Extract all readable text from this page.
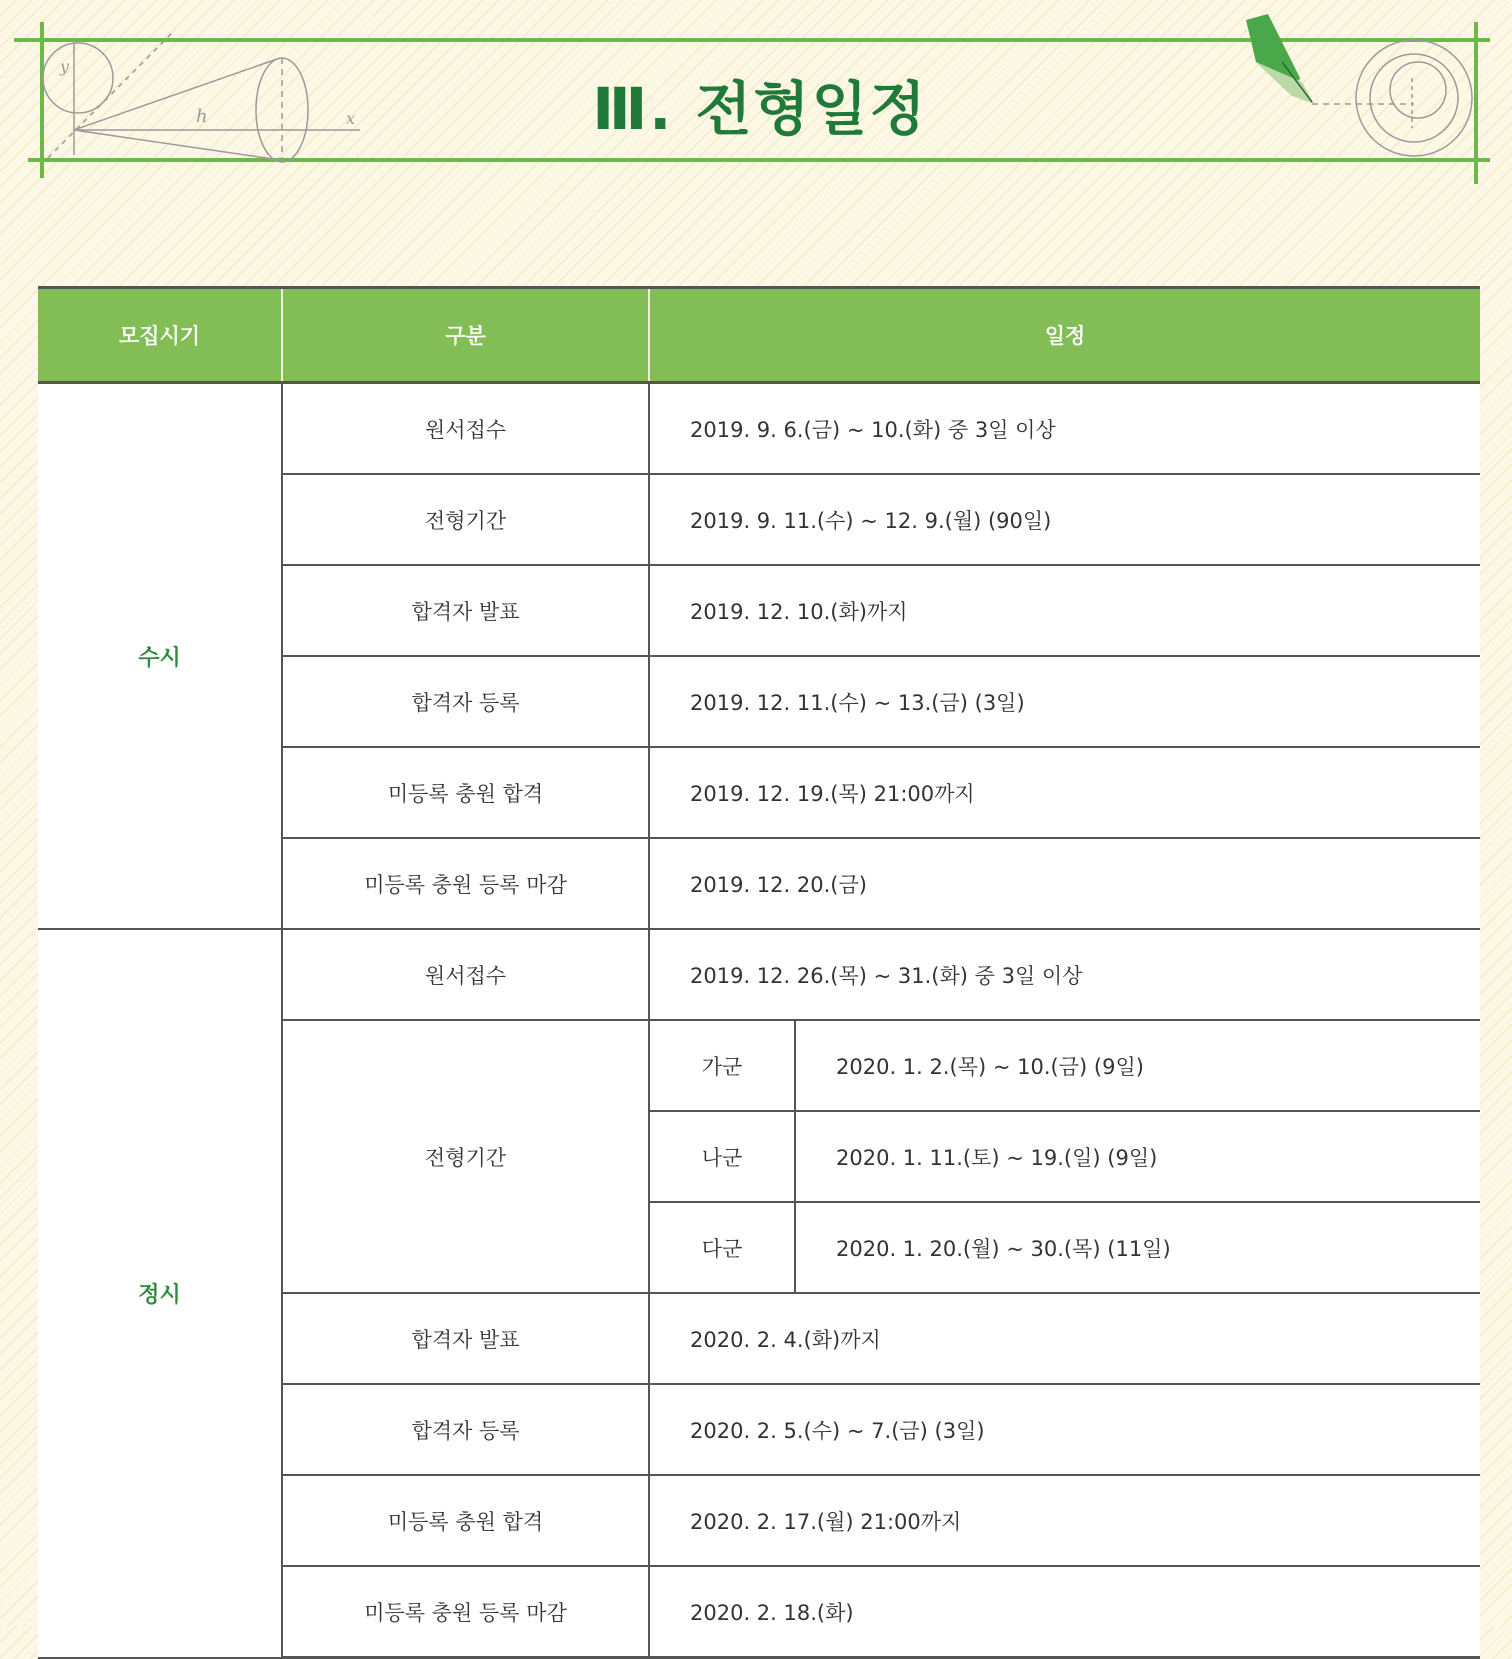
y
h	x	Ⅲ. 전형일정
모집시기	구분	일정	
수시	원서접수	2019. 9. 6.(금) ~ 10.(화) 중 3일 이상	
	전형기간	2019. 9. 11.(수) ~ 12. 9.(월) (90일)	
	합격자 발표	2019. 12. 10.(화)까지	
	합격자 등록	2019. 12. 11.(수) ~ 13.(금) (3일)	
	미등록 충원 합격	2019. 12. 19.(목) 21:00까지	
	미등록 충원 등록 마감	2019. 12. 20.(금)	
정시	원서접수	2019. 12. 26.(목) ~ 31.(화) 중 3일 이상	
	전형기간	가군	2020. 1. 2.(목) ~ 10.(금) (9일)
		나군	2020. 1. 11.(토) ~ 19.(일) (9일)
		다군	2020. 1. 20.(월) ~ 30.(목) (11일)
	합격자 발표	2020. 2. 4.(화)까지	
	합격자 등록	2020. 2. 5.(수) ~ 7.(금) (3일)	
	미등록 충원 합격	2020. 2. 17.(월) 21:00까지	
	미등록 충원 등록 마감	2020. 2. 18.(화)	
